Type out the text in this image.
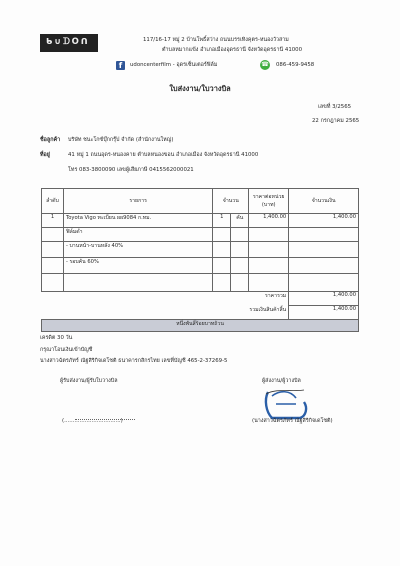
ᑲ∪ᗪOᑎ	117/16-17 หมู่ 2 บ้านโพธิ์สว่าง ถนนบรรเทิงคุตร-หนองวัวสาม
ตำบลหมากแข้ง อำเภอเมืองอุดรธานี จังหวัดอุดรธานี 41000
f	udoncenterfilm - อุดรเซ็นเตอร์ฟิล์ม	☎ 086-459-9458
ใบส่งงาน/ใบวางบิล
เลขที่ 3/2565
22 กรกฎาคม 2565
ชื่อลูกค้า บริษัท ชนะโกซ์บุ๊กกรุ๊ป จำกัด (สำนักงานใหญ่)
ที่อยู่	41 หมู่ 1 ถนนอุดร-หนองคาย ตำบลหนองขอน อำเภอเมือง จังหวัดอุดรธานี 41000
โทร 083-3800090 เลขผู้เสียภาษี 0415562000021
ลำดับ	รายการ	จำนวน		ราคาต่อหน่วย (บาท)	จำนวนเงิน
1	Toyota Vigo ทะเบียน ผผ9084 ก.ทม.	1	คัน	1,400.00	1,400.00
	ฟิล์มดำ				
	- บานหน้า-บานหลัง 40%				
	- รอบคัน 60%				

ราคารวม					1,400.00
รวมเงินสินค้าสิ้น					1,400.00
หนึ่งพันสี่ร้อยบาทถ้วน					
เครดิต 30 วัน
กรุณาโอนเงินเข้าบัญชี
นางสาวฉัตรภัทร์ ณัฐสิริกิจเดโชติ ธนาคารกสิกรไทย เลขที่บัญชี 465-2-37269-5
ผู้รับส่งงาน/ผู้รับใบวางบิล
(.................................)
ผู้ส่งงาน/ผู้วางบิล
(นางสาวฉัตรภัทร์ ณัฐสิริกิจเดโชติ)
